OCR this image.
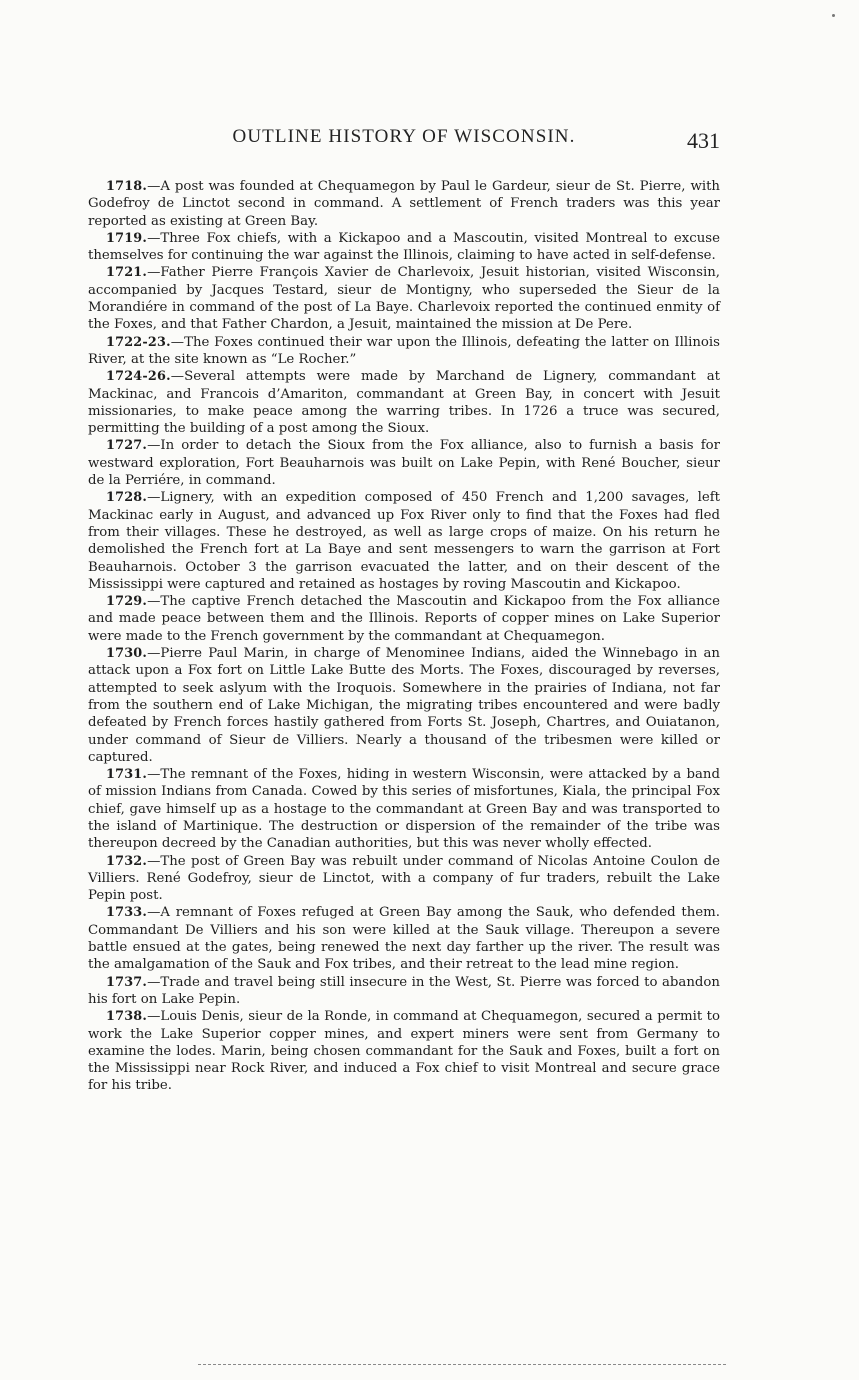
OUTLINE HISTORY OF WISCONSIN.	431

1718.—A post was founded at Chequamegon by Paul le Gardeur, sieur de St. Pierre, with Godefroy de Linctot second in command. A settlement of French traders was this year reported as existing at Green Bay.

1719.—Three Fox chiefs, with a Kickapoo and a Mascoutin, visited Montreal to excuse themselves for continuing the war against the Illinois, claiming to have acted in self-defense.

1721.—Father Pierre François Xavier de Charlevoix, Jesuit historian, visited Wisconsin, accompanied by Jacques Testard, sieur de Montigny, who superseded the Sieur de la Morandiére in command of the post of La Baye. Charlevoix reported the continued enmity of the Foxes, and that Father Chardon, a Jesuit, maintained the mission at De Pere.

1722-23.—The Foxes continued their war upon the Illinois, defeating the latter on Illinois River, at the site known as “Le Rocher.”

1724-26.—Several attempts were made by Marchand de Lignery, commandant at Mackinac, and Francois d’Amariton, commandant at Green Bay, in concert with Jesuit missionaries, to make peace among the warring tribes. In 1726 a truce was secured, permitting the building of a post among the Sioux.

1727.—In order to detach the Sioux from the Fox alliance, also to furnish a basis for westward exploration, Fort Beauharnois was built on Lake Pepin, with René Boucher, sieur de la Perriére, in command.

1728.—Lignery, with an expedition composed of 450 French and 1,200 savages, left Mackinac early in August, and advanced up Fox River only to find that the Foxes had fled from their villages. These he destroyed, as well as large crops of maize. On his return he demolished the French fort at La Baye and sent messengers to warn the garrison at Fort Beauharnois. October 3 the garrison evacuated the latter, and on their descent of the Mississippi were captured and retained as hostages by roving Mascoutin and Kickapoo.

1729.—The captive French detached the Mascoutin and Kickapoo from the Fox alliance and made peace between them and the Illinois. Reports of copper mines on Lake Superior were made to the French government by the commandant at Chequamegon.

1730.—Pierre Paul Marin, in charge of Menominee Indians, aided the Winnebago in an attack upon a Fox fort on Little Lake Butte des Morts. The Foxes, discouraged by reverses, attempted to seek aslyum with the Iroquois. Somewhere in the prairies of Indiana, not far from the southern end of Lake Michigan, the migrating tribes encountered and were badly defeated by French forces hastily gathered from Forts St. Joseph, Chartres, and Ouiatanon, under command of Sieur de Villiers. Nearly a thousand of the tribesmen were killed or captured.

1731.—The remnant of the Foxes, hiding in western Wisconsin, were attacked by a band of mission Indians from Canada. Cowed by this series of misfortunes, Kiala, the principal Fox chief, gave himself up as a hostage to the commandant at Green Bay and was transported to the island of Martinique. The destruction or dispersion of the remainder of the tribe was thereupon decreed by the Canadian authorities, but this was never wholly effected.

1732.—The post of Green Bay was rebuilt under command of Nicolas Antoine Coulon de Villiers. René Godefroy, sieur de Linctot, with a company of fur traders, rebuilt the Lake Pepin post.

1733.—A remnant of Foxes refuged at Green Bay among the Sauk, who defended them. Commandant De Villiers and his son were killed at the Sauk village. Thereupon a severe battle ensued at the gates, being renewed the next day farther up the river. The result was the amalgamation of the Sauk and Fox tribes, and their retreat to the lead mine region.

1737.—Trade and travel being still insecure in the West, St. Pierre was forced to abandon his fort on Lake Pepin.

1738.—Louis Denis, sieur de la Ronde, in command at Chequamegon, secured a permit to work the Lake Superior copper mines, and expert miners were sent from Germany to examine the lodes. Marin, being chosen commandant for the Sauk and Foxes, built a fort on the Mississippi near Rock River, and induced a Fox chief to visit Montreal and secure grace for his tribe.
